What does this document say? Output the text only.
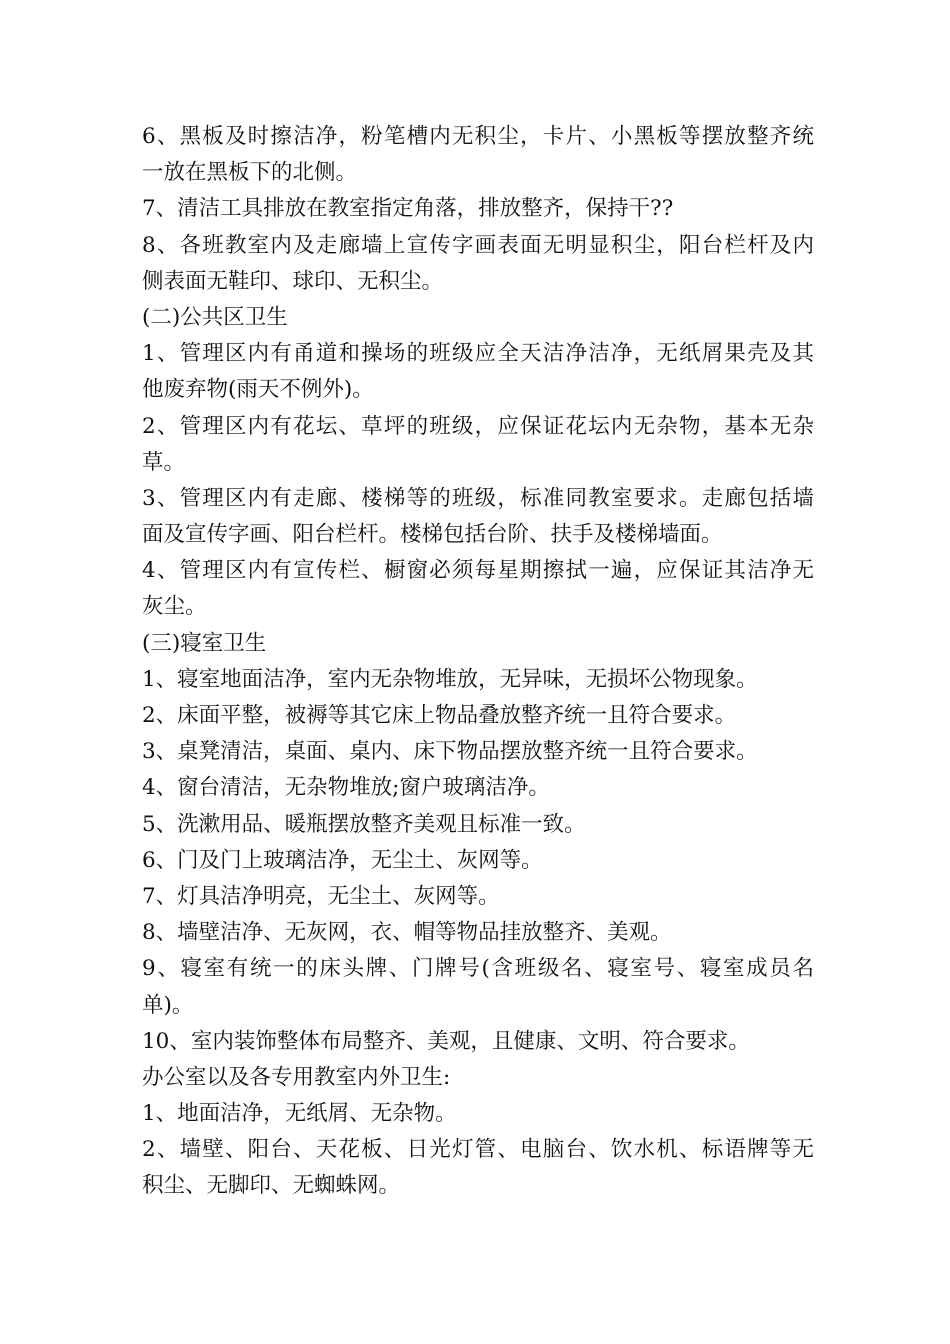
6、黑板及时擦洁净，粉笔槽内无积尘，卡片、小黑板等摆放整齐统
一放在黑板下的北侧。
7、清洁工具排放在教室指定角落，排放整齐，保持干??
8、各班教室内及走廊墙上宣传字画表面无明显积尘，阳台栏杆及内
侧表面无鞋印、球印、无积尘。
(二)公共区卫生
1、管理区内有甬道和操场的班级应全天洁净洁净，无纸屑果壳及其
他废弃物(雨天不例外)。
2、管理区内有花坛、草坪的班级，应保证花坛内无杂物，基本无杂
草。
3、管理区内有走廊、楼梯等的班级，标准同教室要求。走廊包括墙
面及宣传字画、阳台栏杆。楼梯包括台阶、扶手及楼梯墙面。
4、管理区内有宣传栏、橱窗必须每星期擦拭一遍，应保证其洁净无
灰尘。
(三)寝室卫生
1、寝室地面洁净，室内无杂物堆放，无异味，无损坏公物现象。
2、床面平整，被褥等其它床上物品叠放整齐统一且符合要求。
3、桌凳清洁，桌面、桌内、床下物品摆放整齐统一且符合要求。
4、窗台清洁，无杂物堆放;窗户玻璃洁净。
5、洗漱用品、暖瓶摆放整齐美观且标准一致。
6、门及门上玻璃洁净，无尘土、灰网等。
7、灯具洁净明亮，无尘土、灰网等。
8、墙壁洁净、无灰网，衣、帽等物品挂放整齐、美观。
9、寝室有统一的床头牌、门牌号(含班级名、寝室号、寝室成员名
单)。
10、室内装饰整体布局整齐、美观，且健康、文明、符合要求。
办公室以及各专用教室内外卫生:
1、地面洁净，无纸屑、无杂物。
2、墙壁、阳台、天花板、日光灯管、电脑台、饮水机、标语牌等无
积尘、无脚印、无蜘蛛网。
